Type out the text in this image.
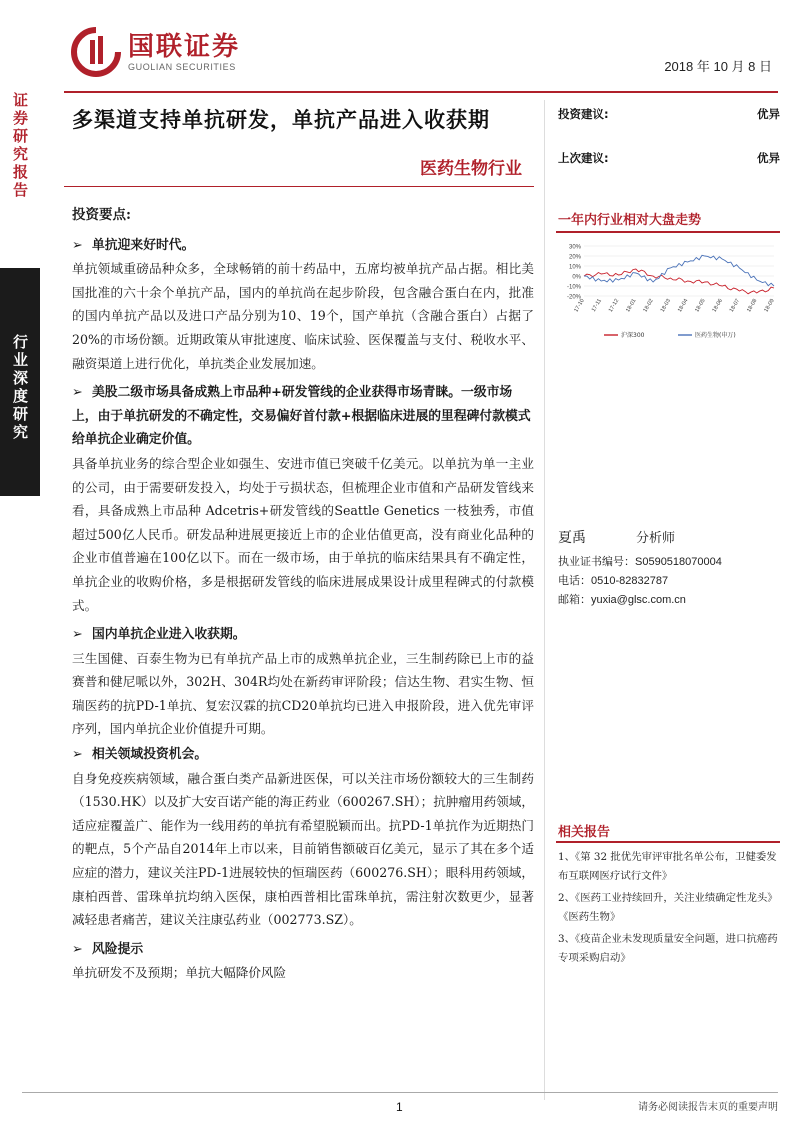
证券研究报告
行业深度研究
国联证券
GUOLIAN SECURITIES	2018 年 10 月 8 日
多渠道支持单抗研发，单抗产品进入收获期
医药生物行业
投资建议:	优异
上次建议:	优异
投资要点:
➢ 单抗迎来好时代。
单抗领域重磅品种众多，全球畅销的前十药品中，五席均被单抗产品占据。相比美国批准的六十余个单抗产品，国内的单抗尚在起步阶段，包含融合蛋白在内，批准的国内单抗产品以及进口产品分别为10、19个，国产单抗（含融合蛋白）占据了20%的市场份额。近期政策从审批速度、临床试验、医保覆盖与支付、税收水平、融资渠道上进行优化，单抗类企业发展加速。
➢ 美股二级市场具备成熟上市品种+研发管线的企业获得市场青睐。一级市场上，由于单抗研发的不确定性，交易偏好首付款+根据临床进展的里程碑付款模式给单抗企业确定价值。
具备单抗业务的综合型企业如强生、安进市值已突破千亿美元。以单抗为单一主业的公司，由于需要研发投入，均处于亏损状态，但梳理企业市值和产品研发管线来看，具备成熟上市品种 Adcetris+研发管线的Seattle Genetics 一枝独秀，市值超过500亿人民币。研发品种进展更接近上市的企业估值更高，没有商业化品种的企业市值普遍在100亿以下。而在一级市场，由于单抗的临床结果具有不确定性，单抗企业的收购价格，多是根据研发管线的临床进展成果设计成里程碑式的付款模式。
➢ 国内单抗企业进入收获期。
三生国健、百泰生物为已有单抗产品上市的成熟单抗企业，三生制药除已上市的益赛普和健尼哌以外，302H、304R均处在新药审评阶段；信达生物、君实生物、恒瑞医药的抗PD-1单抗、复宏汉霖的抗CD20单抗均已进入申报阶段，进入优先审评序列，国内单抗企业价值提升可期。
➢ 相关领域投资机会。
自身免疫疾病领域，融合蛋白类产品新进医保，可以关注市场份额较大的三生制药（1530.HK）以及扩大安百诺产能的海正药业（600267.SH）；抗肿瘤用药领域，适应症覆盖广、能作为一线用药的单抗有希望脱颖而出。抗PD-1单抗作为近期热门的靶点，5个产品自2014年上市以来，目前销售额破百亿美元，显示了其在多个适应症的潜力，建议关注PD-1进展较快的恒瑞医药（600276.SH）；眼科用药领域，康柏西普、雷珠单抗均纳入医保，康柏西普相比雷珠单抗，需注射次数更少，显著减轻患者痛苦，建议关注康弘药业（002773.SZ）。
➢ 风险提示
单抗研发不及预期；单抗大幅降价风险
一年内行业相对大盘走势
30%
20%
10%
0%
-10%
-20%
17-10 17-11 17-12 18-01 18-02 18-03 18-04 18-05 18-06 18-07 18-08 18-09
沪深300	医药生物(申万)
夏禹	分析师
执业证书编号：S0590518070004
电话：0510-82832787
邮箱：yuxia@glsc.com.cn
相关报告
1、《第 32 批优先审评审批名单公布，卫健委发布互联网医疗试行文件》
2、《医药工业持续回升，关注业绩确定性龙头》《医药生物》
3、《疫苗企业未发现质量安全问题，进口抗癌药专项采购启动》
1	请务必阅读报告末页的重要声明
